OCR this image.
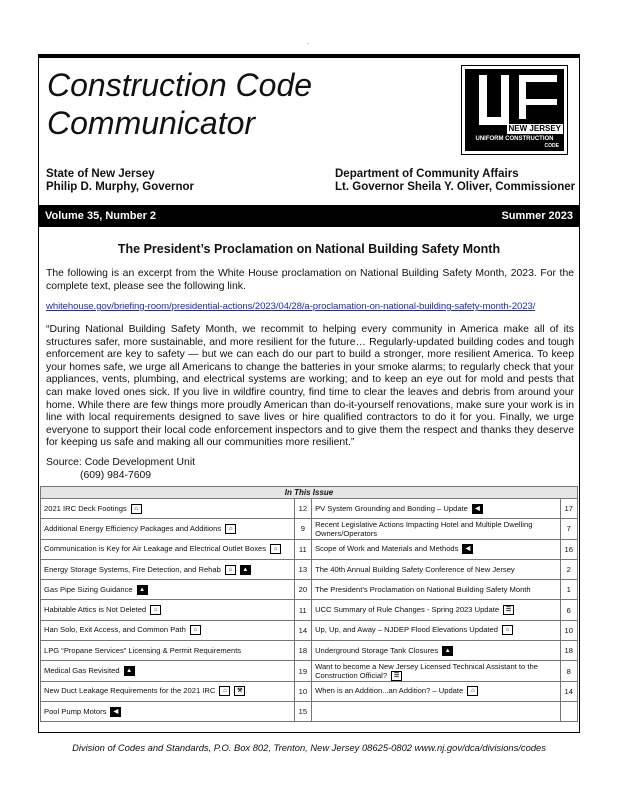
.
Construction Code
Communicator	NEW JERSEY
UNIFORM CONSTRUCTION
CODE
State of New Jersey
Philip D. Murphy, Governor
Department of Community Affairs
Lt. Governor Sheila Y. Oliver, Commissioner
Volume 35, Number 2	Summer 2023
The President’s Proclamation on National Building Safety Month
The following is an excerpt from the White House proclamation on National Building Safety Month, 2023. For the complete text, please see the following link.
whitehouse.gov/briefing-room/presidential-actions/2023/04/28/a-proclamation-on-national-building-safety-month-2023/
“During National Building Safety Month, we recommit to helping every community in America make all of its structures safer, more sustainable, and more resilient for the future… Regularly-updated building codes and tough enforcement are key to safety — but we can each do our part to build a stronger, more resilient America. To keep your homes safe, we urge all Americans to change the batteries in your smoke alarms; to regularly check that your appliances, vents, plumbing, and electrical systems are working; and to keep an eye out for mold and pests that can make loved ones sick. If you live in wildfire country, find time to clear the leaves and debris from around your home. While there are few things more proudly American than do-it-yourself renovations, make sure your work is in line with local requirements designed to save lives or hire qualified contractors to do it for you. Finally, we urge everyone to support their local code enforcement inspectors and to give them the respect and thanks they deserve for keeping us safe and making all our communities more resilient.”
Source: Code Development Unit
(609) 984-7609
In This Issue			
2021 IRC Deck Footings ⌂	12	PV System Grounding and Bonding – Update ◀	17
Additional Energy Efficiency Packages and Additions ⌂	9	Recent Legislative Actions Impacting Hotel and Multiple Dwelling Owners/Operators	7
Communication is Key for Air Leakage and Electrical Outlet Boxes ⌂	11	Scope of Work and Materials and Methods ◀	16
Energy Storage Systems, Fire Detection, and Rehab ⌂ ▲	13	The 40th Annual Building Safety Conference of New Jersey	2
Gas Pipe Sizing Guidance ▲	20	The President’s Proclamation on National Building Safety Month	1
Habitable Attics is Not Deleted ⌂	11	UCC Summary of Rule Changes - Spring 2023 Update ☰	6
Han Solo, Exit Access, and Common Path ⌂	14	Up, Up, and Away – NJDEP Flood Elevations Updated ⌂	10
LPG “Propane Services” Licensing & Permit Requirements	18	Underground Storage Tank Closures ▲	18
Medical Gas Revisited ▲	19	Want to become a New Jersey Licensed Technical Assistant to the Construction Official? ☰	8
New Duct Leakage Requirements for the 2021 IRC ⌂ ⚒	10	When is an Addition...an Addition? – Update ⌂	14
Pool Pump Motors ◀	15		
Division of Codes and Standards, P.O. Box 802, Trenton, New Jersey 08625-0802 www.nj.gov/dca/divisions/codes
